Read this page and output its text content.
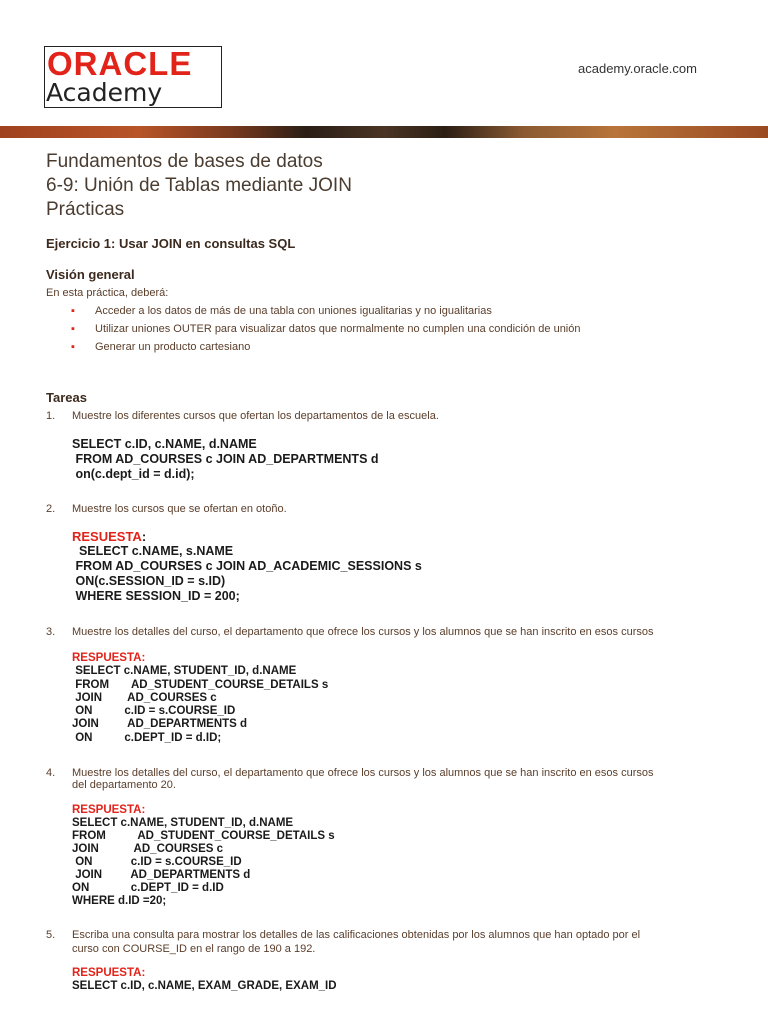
ORACLE
Academy
academy.oracle.com
Fundamentos de bases de datos
6-9: Unión de Tablas mediante JOIN
Prácticas
Ejercicio 1: Usar JOIN en consultas SQL
Visión general
En esta práctica, deberá:
▪ Acceder a los datos de más de una tabla con uniones igualitarias y no igualitarias
▪ Utilizar uniones OUTER para visualizar datos que normalmente no cumplen una condición de unión
▪ Generar un producto cartesiano
Tareas
1. Muestre los diferentes cursos que ofertan los departamentos de la escuela.
SELECT c.ID, c.NAME, d.NAME
FROM AD_COURSES c JOIN AD_DEPARTMENTS d
on(c.dept_id = d.id);
2. Muestre los cursos que se ofertan en otoño.
RESUESTA:
SELECT c.NAME, s.NAME
FROM AD_COURSES c JOIN AD_ACADEMIC_SESSIONS s
ON(c.SESSION_ID = s.ID)
WHERE SESSION_ID = 200;
3. Muestre los detalles del curso, el departamento que ofrece los cursos y los alumnos que se han inscrito en esos cursos
RESPUESTA:
SELECT c.NAME, STUDENT_ID, d.NAME
FROM       AD_STUDENT_COURSE_DETAILS s
JOIN        AD_COURSES c
ON          c.ID = s.COURSE_ID
JOIN         AD_DEPARTMENTS d
ON          c.DEPT_ID = d.ID;
4. Muestre los detalles del curso, el departamento que ofrece los cursos y los alumnos que se han inscrito en esos cursos
del departamento 20.
RESPUESTA:
SELECT c.NAME, STUDENT_ID, d.NAME
FROM          AD_STUDENT_COURSE_DETAILS s
JOIN           AD_COURSES c
ON            c.ID = s.COURSE_ID
JOIN         AD_DEPARTMENTS d
ON             c.DEPT_ID = d.ID
WHERE d.ID =20;
5. Escriba una consulta para mostrar los detalles de las calificaciones obtenidas por los alumnos que han optado por el
curso con COURSE_ID en el rango de 190 a 192.
RESPUESTA:
SELECT c.ID, c.NAME, EXAM_GRADE, EXAM_ID
